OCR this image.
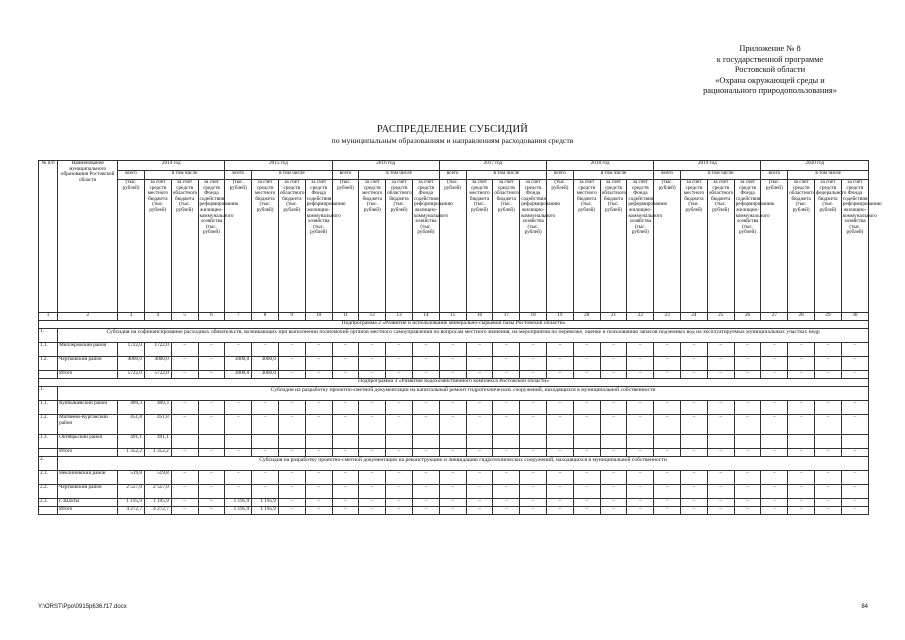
Приложение № 8
к государственной программе
Ростовской области
«Охрана окружающей среды и
рационального природопользования»
РАСПРЕДЕЛЕНИЕ СУБСИДИЙ
по муниципальным образованиям и направлениям расходования средств
№ п/п	Наименование муниципального образования Ростовской области	2014 год				2015 год				2016 год				2017 год				2018 год				2019 год				2020 год			
		всего	в том числе			всего	в том числе			всего	в том числе			всего	в том числе			всего	в том числе			всего	в том числе			всего	в том числе		
		(тыс. рублей)	за счет средств местного бюджета (тыс. рублей)	за счет средств областного бюджета (тыс. рублей)	за счет средств Фонда содействия реформированию жилищно-коммунального хозяйства (тыс. рублей)	(тыс. рублей)	за счет средств местного бюджета (тыс. рублей)	за счет средств областного бюджета (тыс. рублей)	за счет средств Фонда содействия реформированию жилищно-коммунального хозяйства (тыс. рублей)	(тыс. рублей)	за счет средств местного бюджета (тыс. рублей)	за счет средств областного бюджета (тыс. рублей)	за счет средств Фонда содействия реформированию жилищно-коммунального хозяйства (тыс. рублей)	(тыс. рублей)	за счет средств местного бюджета (тыс. рублей)	за счет средств областного бюджета (тыс. рублей)	за счет средств Фонда содействия реформированию жилищно-коммунального хозяйства (тыс. рублей)	(тыс. рублей)	за счет средств местного бюджета (тыс. рублей)	за счет средств областного бюджета (тыс. рублей)	за счет средств Фонда содействия реформированию жилищно-коммунального хозяйства (тыс. рублей)	(тыс. рублей)	за счет средств местного бюджета (тыс. рублей)	за счет средств областного бюджета (тыс. рублей)	за счет средств Фонда содействия реформированию жилищно-коммунального хозяйства (тыс. рублей)	(тыс. рублей)	за счет средств областного бюджета (тыс. рублей)	за счет средств федерального бюджета (тыс. рублей)	за счет средств Фонда содействия реформированию жилищно-коммунального хозяйства (тыс. рублей)

1	2	3	4	5	6	7	8	9	10	11	12	13	14	15	16	17	18	19	20	21	22	23	24	25	26	27	28	29	30
Подпрограмма 2 «Развитие и использование минерально-сырьевой базы Ростовской области»																													
1.	Субсидия на софинансирование расходных обязательств, возникающих при выполнении полномочий органов местного самоуправления по вопросам местного значения, на мероприятия по перевозке, оценке и пользованию запасов подземных вод на эксплуатируемых муниципальных участках недр																												
1.1.	Миллеровский район	1722,0	1722,0	–	–	–	–	–	–	–	–	–	–	–	–	–	–	–	–	–	–	–	–	–	–	–	–	–	–
1.2.	Чертковский район	4000,0	4000,0	–	–	3000,0	3000,0	–	–	–	–	–	–	–	–	–	–	–	–	–	–	–	–	–	–	–	–	–	–
	Итого	5722,0	5722,0	–	–	3000,0	3000,0	–	–	–	–	–	–	–	–	–	–	–	–	–	–	–	–	–	–	–	–	–	–
Подпрограмма 3 «Развитие водохозяйственного комплекса Ростовской области»																													
1.	Субсидия на разработку проектно-сметной документации на капитальный ремонт гидротехнических сооружений, находящихся в муниципальной собственности																												
1.1.	Куйбышевский район	409,3	409,3	–	–	–	–	–	–	–	–	–	–	–	–	–	–	–	–	–	–	–	–	–	–	–	–	–	–
1.2.	Матвеево-Курганский район	451,8	451,8	–	–	–	–	–	–	–	–	–	–	–	–	–	–	–	–	–	–	–	–	–	–	–	–	–	–
1.3.	Октябрьский район	491,1	491,1																										
	Итого	1 352,2	1 352,2	–	–	–	–	–	–	–	–	–	–	–	–	–	–	–	–	–	–	–	–	–	–	–	–	–	–
2.	Субсидия на разработку проектно-сметной документации на реконструкцию и ликвидацию гидротехнических сооружений, находящихся в муниципальной собственности																												
2.1.	Неклиновский район	519,8	519,8	–	–	–	–	–	–	–	–	–	–	–	–	–	–	–	–	–	–	–	–	–	–	–	–	–	–
2.2.	Чертковский район	2 557,0	2 557,0	–	–	–	–	–	–	–	–	–	–	–	–	–	–	–	–	–	–	–	–	–	–	–	–	–	–
2.3.	г. Шахты	1 195,9	1 195,9	–	–	1 195,9	1 195,9	–	–	–	–	–	–	–	–	–	–	–	–	–	–	–	–	–	–	–	–	–	–
	Итого	4 272,7	4 272,7	–	–	1 195,9	1 195,9	–	–	–	–	–	–	–	–	–	–	–	–	–	–	–	–	–	–	–	–	–	–
Y:\ORST\Ppo\0915p636.f17.docx	84
